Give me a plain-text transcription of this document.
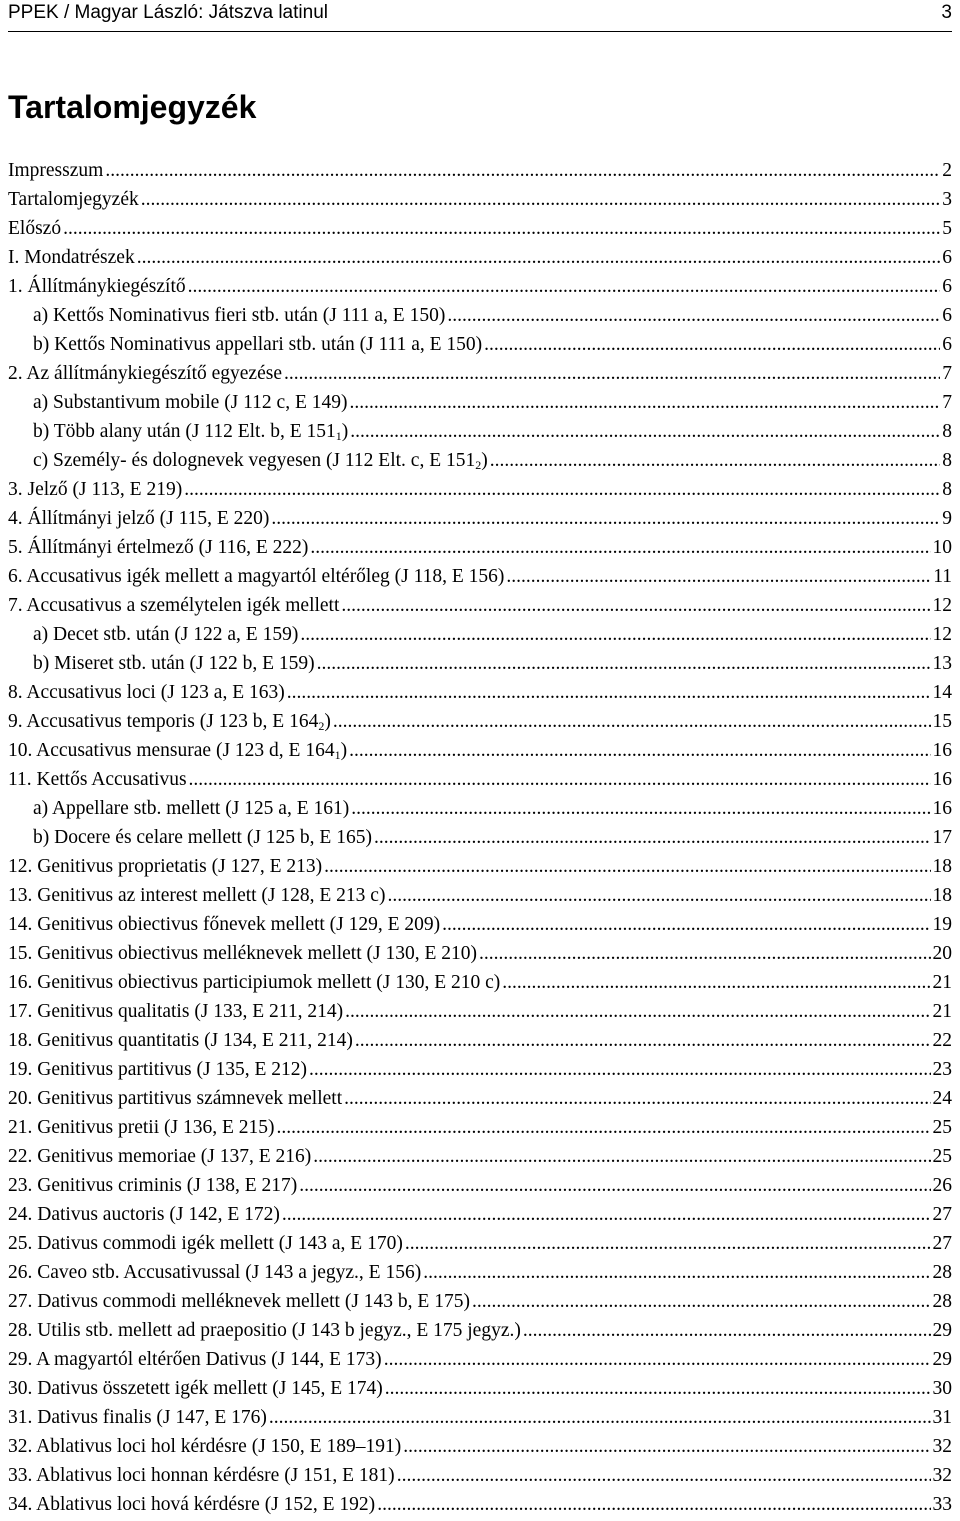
PPEK / Magyar László: Játszva latinul	3
Tartalomjegyzék
Impresszum .....	2
Tartalomjegyzék .....	3
Előszó .....	5
I. Mondatrészek .....	6
1. Állítmánykiegészítő .....	6
a) Kettős Nominativus fieri stb. után (J 111 a, E 150) .....	6
b) Kettős Nominativus appellari stb. után (J 111 a, E 150) .....	6
2. Az állítmánykiegészítő egyezése .....	7
a) Substantivum mobile (J 112 c, E 149) .....	7
b) Több alany után (J 112 Elt. b, E $151_1$) .....	8
c) Személy- és dolognevek vegyesen (J 112 Elt. c, E $151_2$) .....	8
3. Jelző (J 113, E 219) .....	8
4. Állítmányi jelző (J 115, E 220) .....	9
5. Állítmányi értelmező (J 116, E 222) .....	10
6. Accusativus igék mellett a magyartól eltérőleg (J 118, E 156) .....	11
7. Accusativus a személytelen igék mellett .....	12
a) Decet stb. után (J 122 a, E 159) .....	12
b) Miseret stb. után (J 122 b, E 159) .....	13
8. Accusativus loci (J 123 a, E 163) .....	14
9. Accusativus temporis (J 123 b, E $164_2$) .....	15
10. Accusativus mensurae (J 123 d, E $164_1$) .....	16
11. Kettős Accusativus .....	16
a) Appellare stb. mellett (J 125 a, E 161) .....	16
b) Docere és celare mellett (J 125 b, E 165) .....	17
12. Genitivus proprietatis (J 127, E 213) .....	18
13. Genitivus az interest mellett (J 128, E 213 c) .....	18
14. Genitivus obiectivus főnevek mellett (J 129, E 209) .....	19
15. Genitivus obiectivus melléknevek mellett (J 130, E 210) .....	20
16. Genitivus obiectivus participiumok mellett (J 130, E 210 c) .....	21
17. Genitivus qualitatis (J 133, E 211, 214) .....	21
18. Genitivus quantitatis (J 134, E 211, 214) .....	22
19. Genitivus partitivus (J 135, E 212) .....	23
20. Genitivus partitivus számnevek mellett .....	24
21. Genitivus pretii (J 136, E 215) .....	25
22. Genitivus memoriae (J 137, E 216) .....	25
23. Genitivus criminis (J 138, E 217) .....	26
24. Dativus auctoris (J 142, E 172) .....	27
25. Dativus commodi igék mellett (J 143 a, E 170) .....	27
26. Caveo stb. Accusativussal (J 143 a jegyz., E 156) .....	28
27. Dativus commodi melléknevek mellett (J 143 b, E 175) .....	28
28. Utilis stb. mellett ad praepositio (J 143 b jegyz., E 175 jegyz.) .....	29
29. A magyartól eltérően Dativus (J 144, E 173) .....	29
30. Dativus összetett igék mellett (J 145, E 174) .....	30
31. Dativus finalis (J 147, E 176) .....	31
32. Ablativus loci hol kérdésre (J 150, E 189–191) .....	32
33. Ablativus loci honnan kérdésre (J 151, E 181) .....	32
34. Ablativus loci hová kérdésre (J 152, E 192) .....	33
